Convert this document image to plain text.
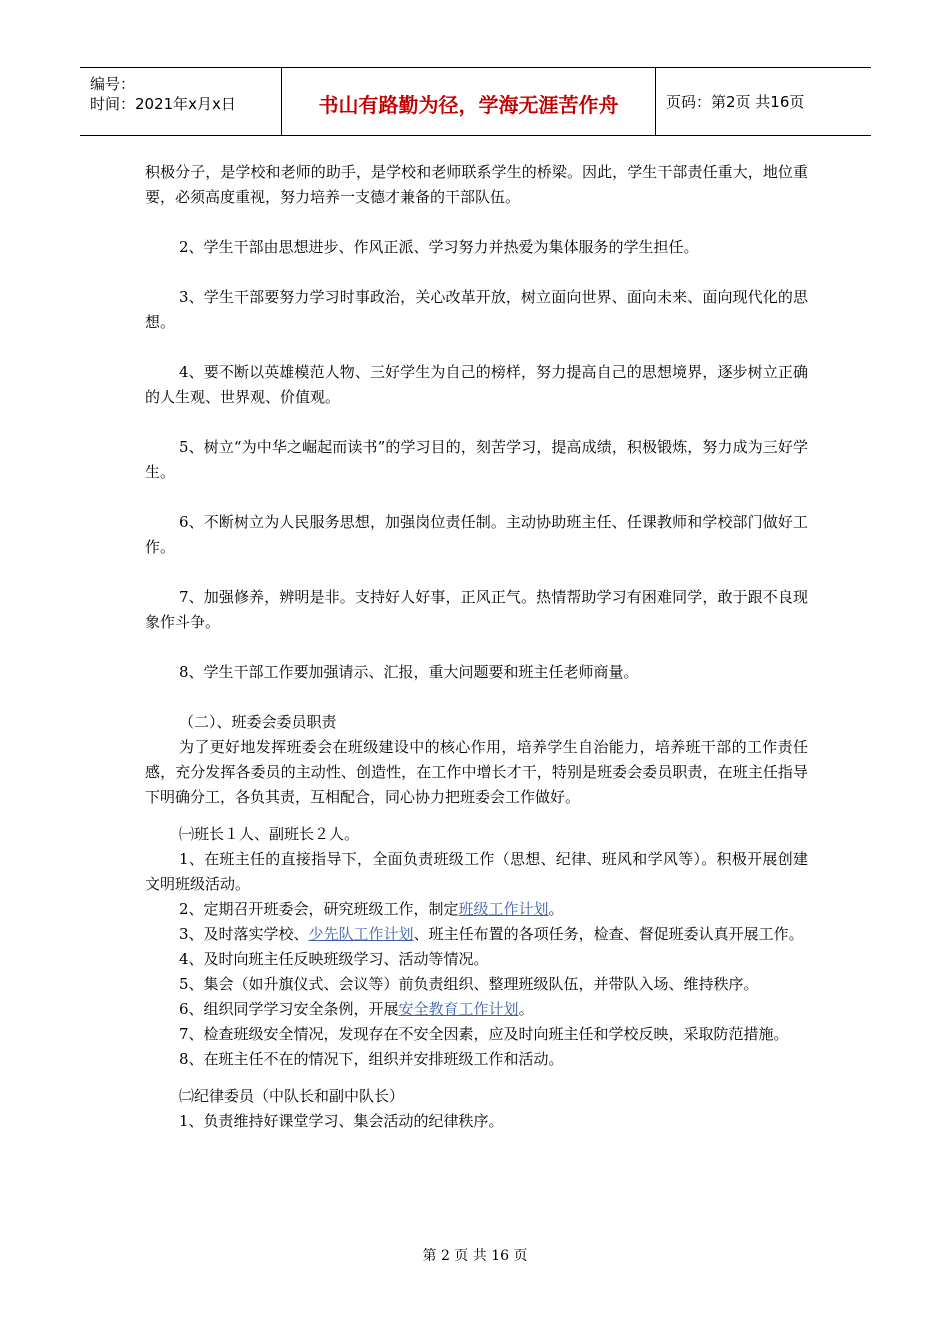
编号：
时间：2021年x月x日	书山有路勤为径，学海无涯苦作舟	页码：第2页 共16页

积极分子，是学校和老师的助手，是学校和老师联系学生的桥梁。因此，学生干部责任重大，地位重要，必须高度重视，努力培养一支德才兼备的干部队伍。

2、学生干部由思想进步、作风正派、学习努力并热爱为集体服务的学生担任。

3、学生干部要努力学习时事政治，关心改革开放，树立面向世界、面向未来、面向现代化的思想。

4、要不断以英雄模范人物、三好学生为自己的榜样，努力提高自己的思想境界，逐步树立正确的人生观、世界观、价值观。

5、树立“为中华之崛起而读书”的学习目的，刻苦学习，提高成绩，积极锻炼，努力成为三好学生。

6、不断树立为人民服务思想，加强岗位责任制。主动协助班主任、任课教师和学校部门做好工作。

7、加强修养，辨明是非。支持好人好事，正风正气。热情帮助学习有困难同学，敢于跟不良现象作斗争。

8、学生干部工作要加强请示、汇报，重大问题要和班主任老师商量。

（二）、班委会委员职责

为了更好地发挥班委会在班级建设中的核心作用，培养学生自治能力，培养班干部的工作责任感，充分发挥各委员的主动性、创造性，在工作中增长才干，特别是班委会委员职责，在班主任指导下明确分工，各负其责，互相配合，同心协力把班委会工作做好。

㈠班长１人、副班长２人。

1、在班主任的直接指导下，全面负责班级工作（思想、纪律、班风和学风等）。积极开展创建文明班级活动。

2、定期召开班委会，研究班级工作，制定班级工作计划。

3、及时落实学校、少先队工作计划、班主任布置的各项任务，检查、督促班委认真开展工作。

4、及时向班主任反映班级学习、活动等情况。

5、集会（如升旗仪式、会议等）前负责组织、整理班级队伍，并带队入场、维持秩序。

6、组织同学学习安全条例，开展安全教育工作计划。

7、检查班级安全情况，发现存在不安全因素，应及时向班主任和学校反映，采取防范措施。

8、在班主任不在的情况下，组织并安排班级工作和活动。

㈡纪律委员（中队长和副中队长）

1、负责维持好课堂学习、集会活动的纪律秩序。

第 2 页 共 16 页
